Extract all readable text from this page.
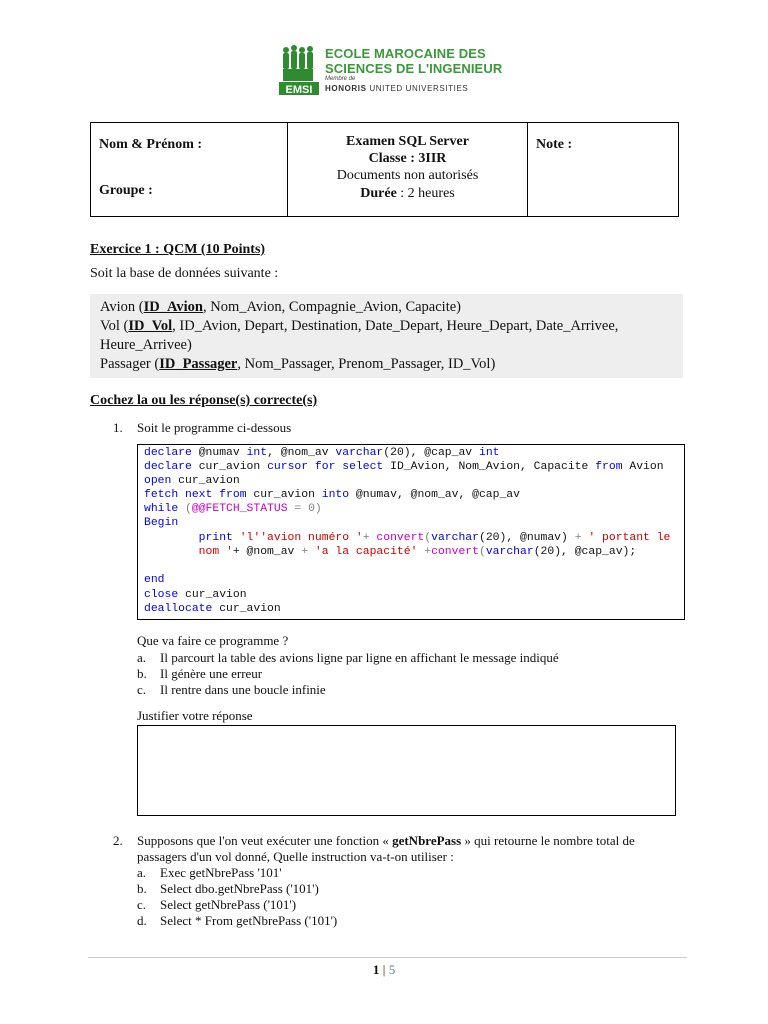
EMSI
ECOLE MAROCAINE DES
SCIENCES DE L'INGENIEUR
Membre de
HONORIS UNITED UNIVERSITIES
Nom & Prénom :
Groupe :
Examen SQL Server
Classe : 3IIR
Documents non autorisés
Durée : 2 heures
Note :
Exercice 1 : QCM (10 Points)
Soit la base de données suivante :
Avion (ID_Avion, Nom_Avion, Compagnie_Avion, Capacite)
Vol (ID_Vol, ID_Avion, Depart, Destination, Date_Depart, Heure_Depart, Date_Arrivee,
Heure_Arrivee)
Passager (ID_Passager, Nom_Passager, Prenom_Passager, ID_Vol)
Cochez la ou les réponse(s) correcte(s)
1. Soit le programme ci-dessous
declare @numav int, @nom_av varchar(20), @cap_av int
declare cur_avion cursor for select ID_Avion, Nom_Avion, Capacite from Avion
open cur_avion
fetch next from cur_avion into @numav, @nom_av, @cap_av
while (@@FETCH_STATUS = 0)
Begin
print 'l''avion numéro '+ convert(varchar(20), @numav) + ' portant le
nom '+ @nom_av + 'a la capacité' +convert(varchar(20), @cap_av);
end
close cur_avion
deallocate cur_avion
Que va faire ce programme ?
a. Il parcourt la table des avions ligne par ligne en affichant le message indiqué
b. Il génère une erreur
c. Il rentre dans une boucle infinie
Justifier votre réponse
2. Supposons que l'on veut exécuter une fonction « getNbrePass » qui retourne le nombre total de
passagers d'un vol donné, Quelle instruction va-t-on utiliser :
a. Exec getNbrePass '101'
b. Select dbo.getNbrePass ('101')
c. Select getNbrePass ('101')
d. Select * From getNbrePass ('101')
1 | 5
